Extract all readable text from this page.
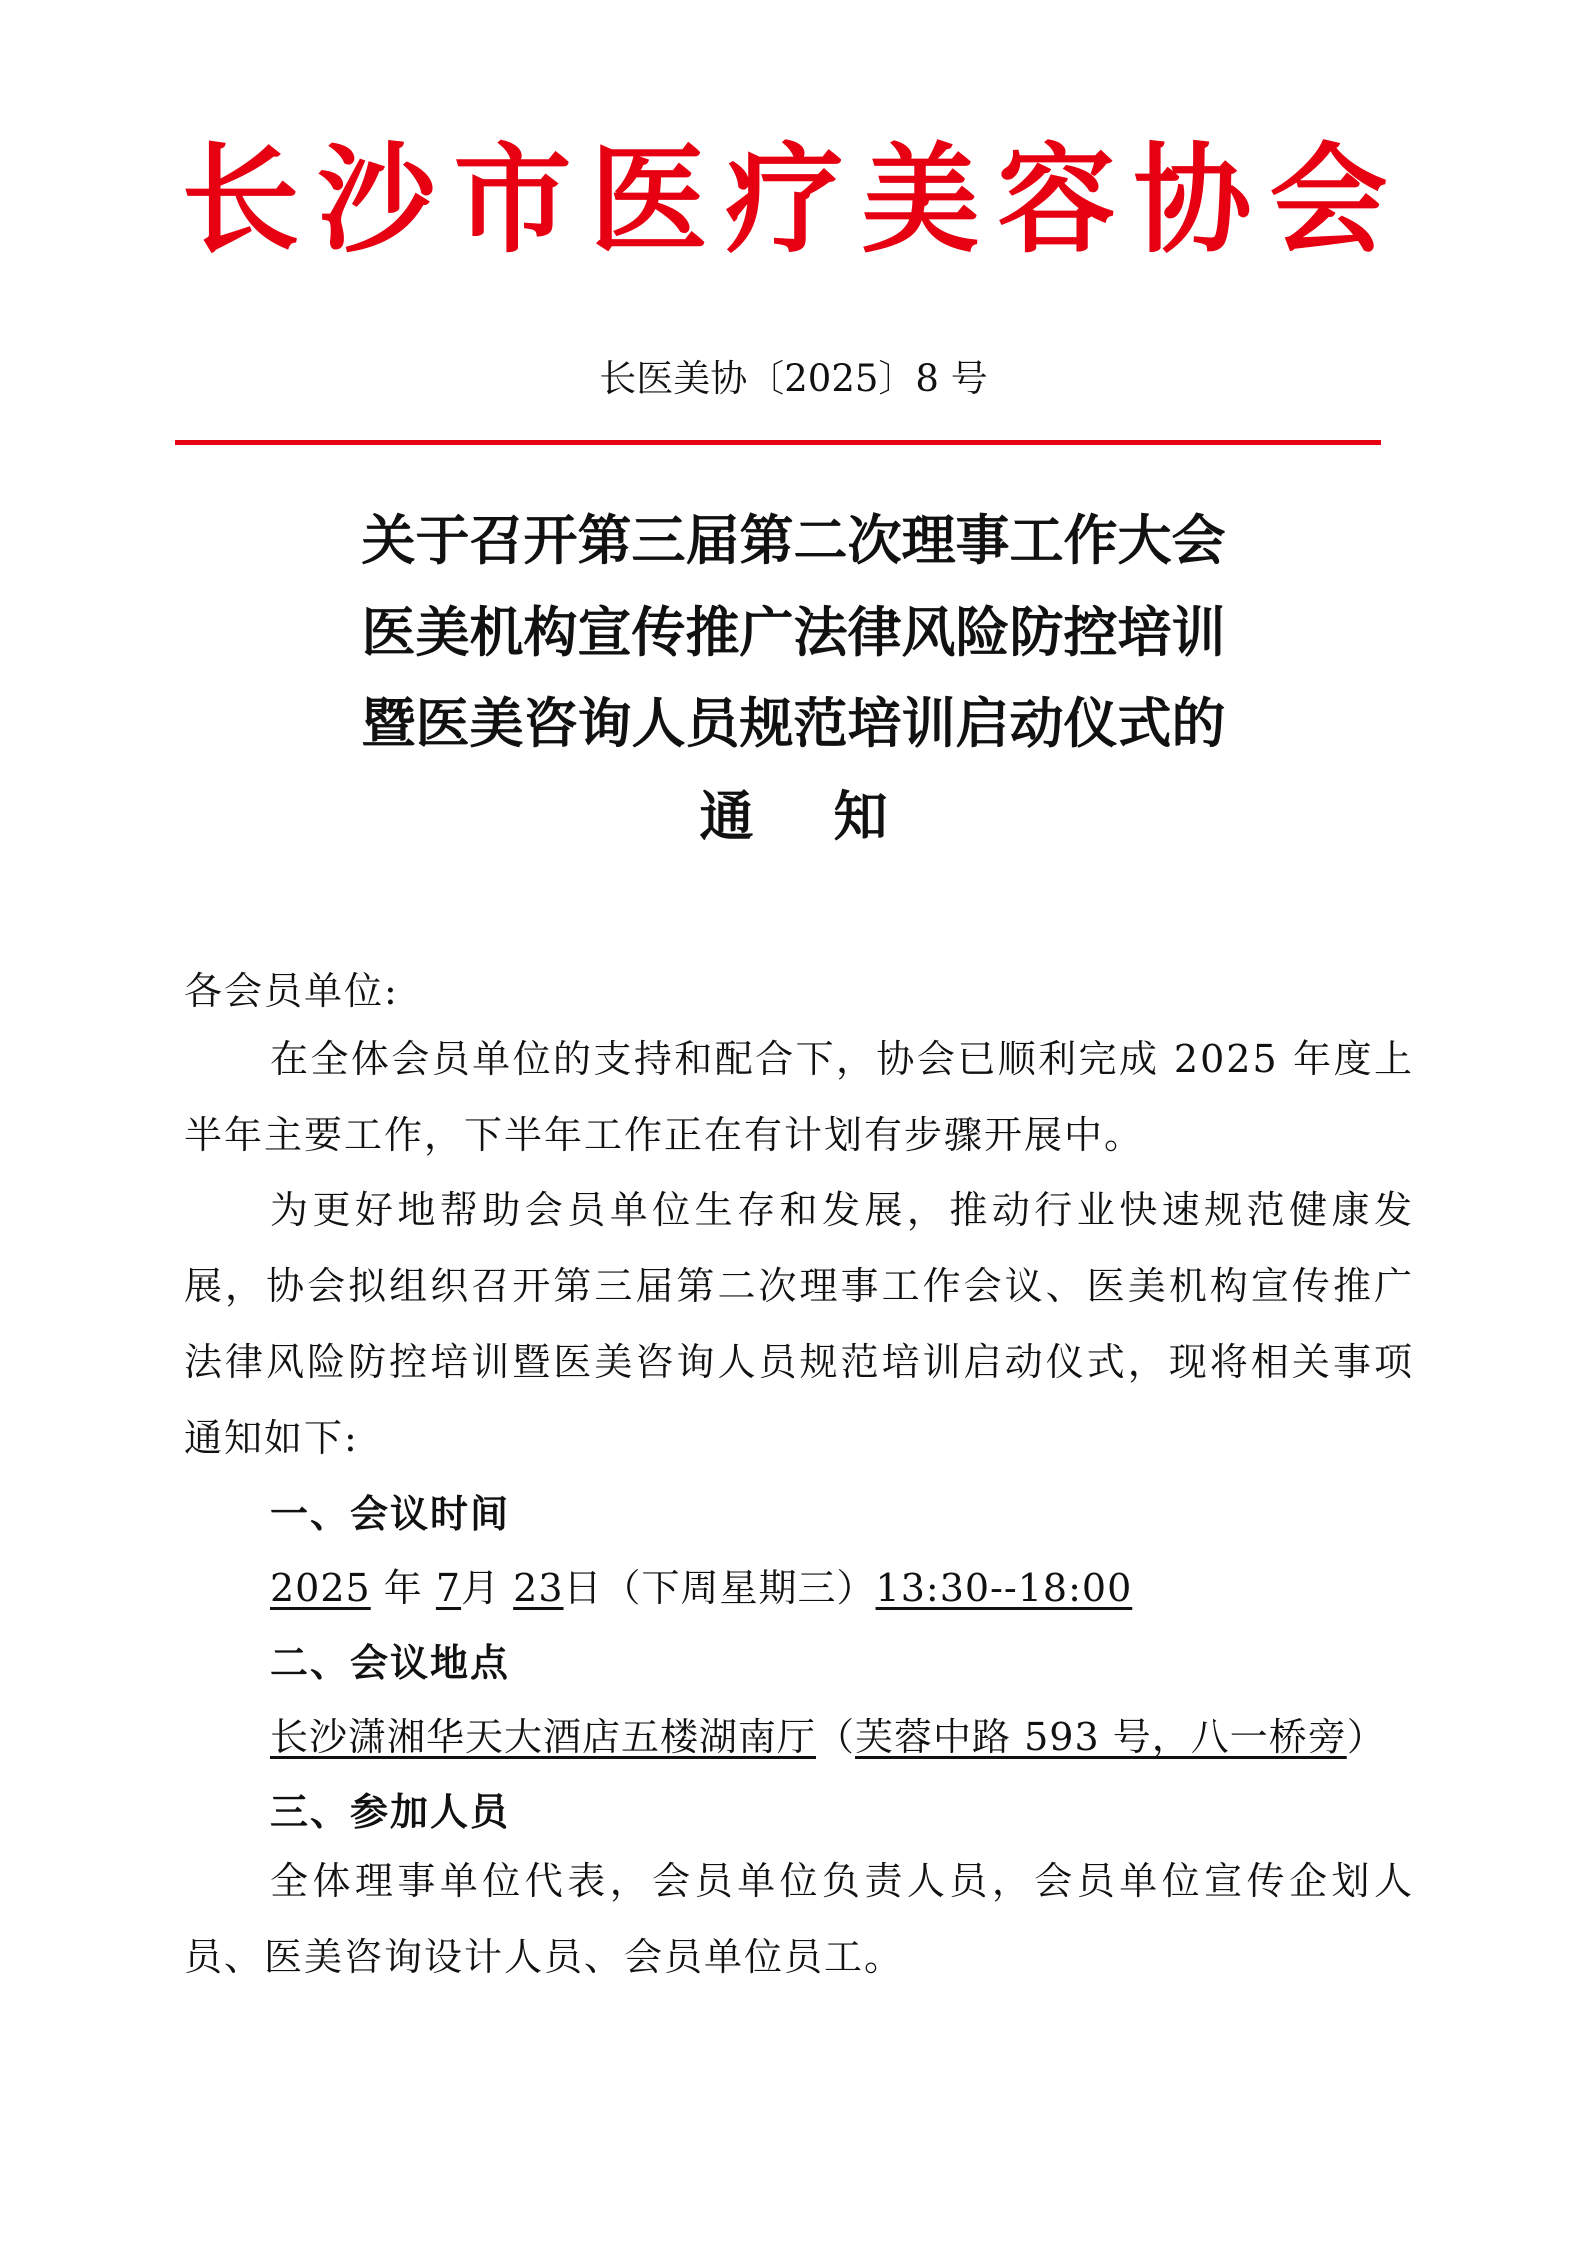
长沙市医疗美容协会
长医美协〔2025〕8 号
关于召开第三届第二次理事工作大会
医美机构宣传推广法律风险防控培训
暨医美咨询人员规范培训启动仪式的
通知
各会员单位:

在全体会员单位的支持和配合下，协会已顺利完成 2025 年度上半年主要工作，下半年工作正在有计划有步骤开展中。

为更好地帮助会员单位生存和发展，推动行业快速规范健康发展，协会拟组织召开第三届第二次理事工作会议、医美机构宣传推广法律风险防控培训暨医美咨询人员规范培训启动仪式，现将相关事项通知如下:

一、会议时间
2025 年 7月 23日（下周星期三）13:30--18:00
二、会议地点
长沙潇湘华天大酒店五楼湖南厅（芙蓉中路 593 号，八一桥旁）
三、参加人员

全体理事单位代表，会员单位负责人员，会员单位宣传企划人员、医美咨询设计人员、会员单位员工。
